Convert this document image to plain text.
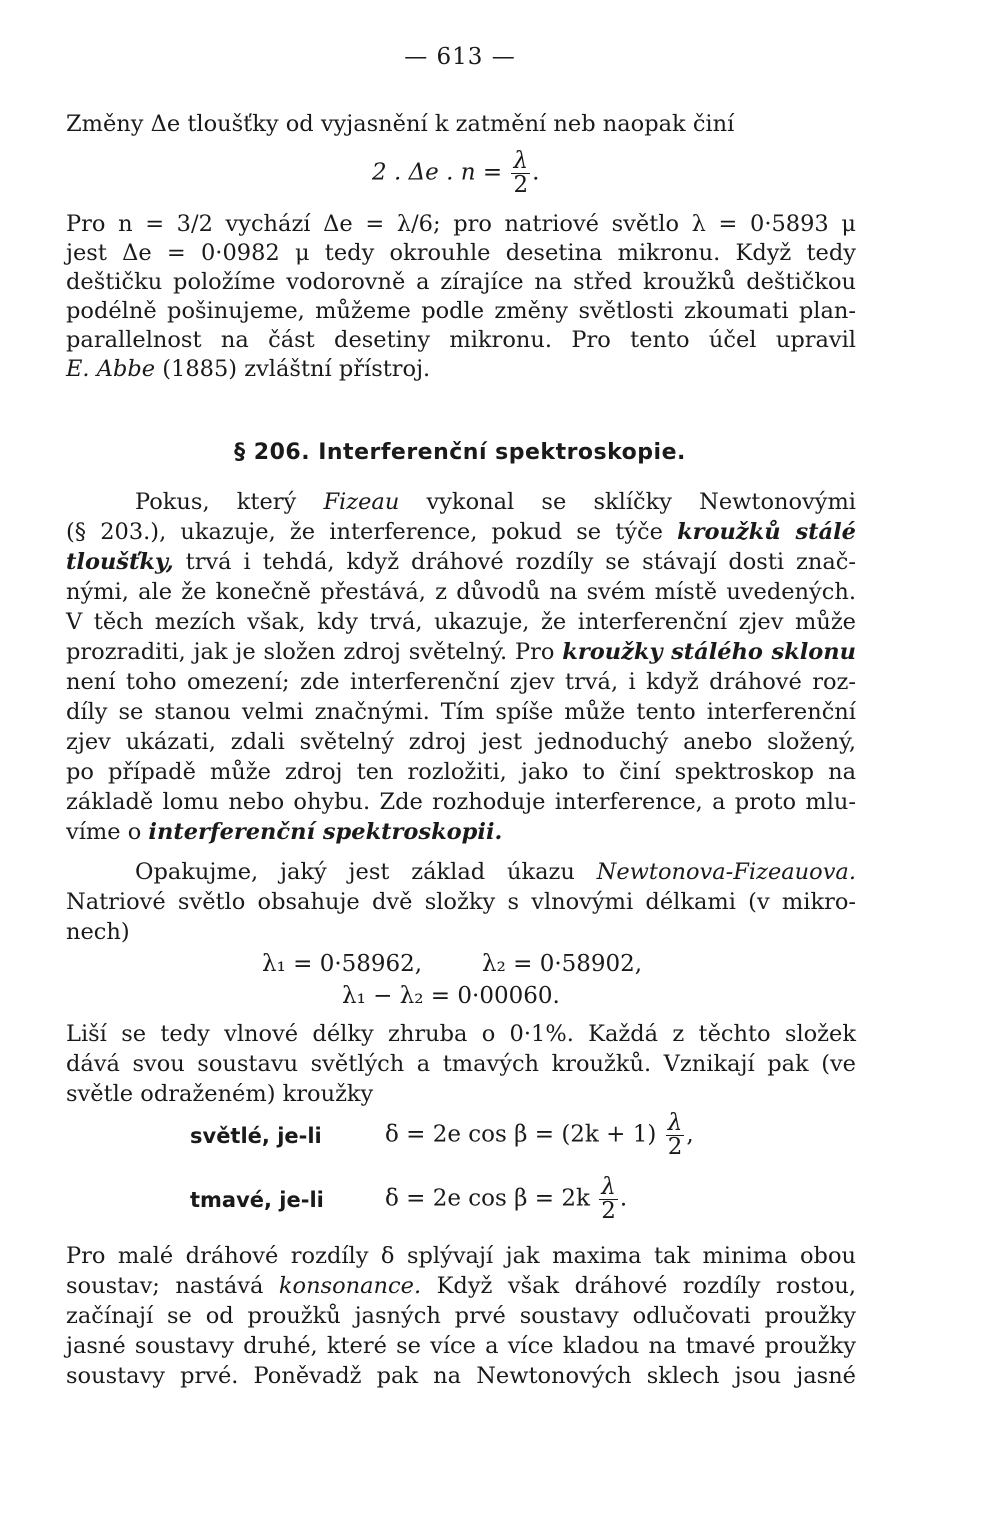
— 613 —
Změny Δe tloušťky od vyjasnění k zatmění neb naopak činí
2 . Δe . $n = \frac{\lambda}{2}$ .
Pro n = 3/2 vychází Δe = λ/6; pro natriové světlo λ = 0·5893 μ
jest Δe = 0·0982 μ tedy okrouhle desetina mikronu. Když tedy
deštičku položíme vodorovně a zírajíce na střed kroužků deštičkou
podélně pošinujeme, můžeme podle změny světlosti zkoumati plan-
parallelnost na část desetiny mikronu. Pro tento účel upravil
E. Abbe (1885) zvláštní přístroj.
§ 206. Interferenční spektroskopie.
Pokus, který Fizeau vykonal se sklíčky Newtonovými
(§ 203.), ukazuje, že interference, pokud se týče kroužků stálé
tloušťky, trvá i tehdá, když dráhové rozdíly se stávají dosti znač-
nými, ale že konečně přestává, z důvodů na svém místě uvedených.
V těch mezích však, kdy trvá, ukazuje, že interferenční zjev může
prozraditi, jak je složen zdroj světelný. Pro kroužky stálého sklonu
není toho omezení; zde interferenční zjev trvá, i když dráhové roz-
díly se stanou velmi značnými. Tím spíše může tento interferenční
zjev ukázati, zdali světelný zdroj jest jednoduchý anebo složený,
po případě může zdroj ten rozložiti, jako to činí spektroskop na
základě lomu nebo ohybu. Zde rozhoduje interference, a proto mlu-
víme o interferenční spektroskopii.
Opakujme, jaký jest základ úkazu Newtonova-Fizeauova.
Natriové světlo obsahuje dvě složky s vlnovými délkami (v mikro-
nech)
λ₁ = 0·58962,	λ₂ = 0·58902,
λ₁ − λ₂ = 0·00060.
Liší se tedy vlnové délky zhruba o 0·1%. Každá z těchto složek
dává svou soustavu světlých a tmavých kroužků. Vznikají pak (ve
světle odraženém) kroužky
světlé, je-li	δ = 2e $\cos \beta = (2k + 1) \frac{\lambda}{2}$ ,
tmavé, je-li	δ = 2e $\cos \beta = 2k \frac{\lambda}{2}$ .
Pro malé dráhové rozdíly δ splývají jak maxima tak minima obou
soustav; nastává konsonance. Když však dráhové rozdíly rostou,
začínají se od proužků jasných prvé soustavy odlučovati proužky
jasné soustavy druhé, které se více a více kladou na tmavé proužky
soustavy prvé. Poněvadž pak na Newtonových sklech jsou jasné
